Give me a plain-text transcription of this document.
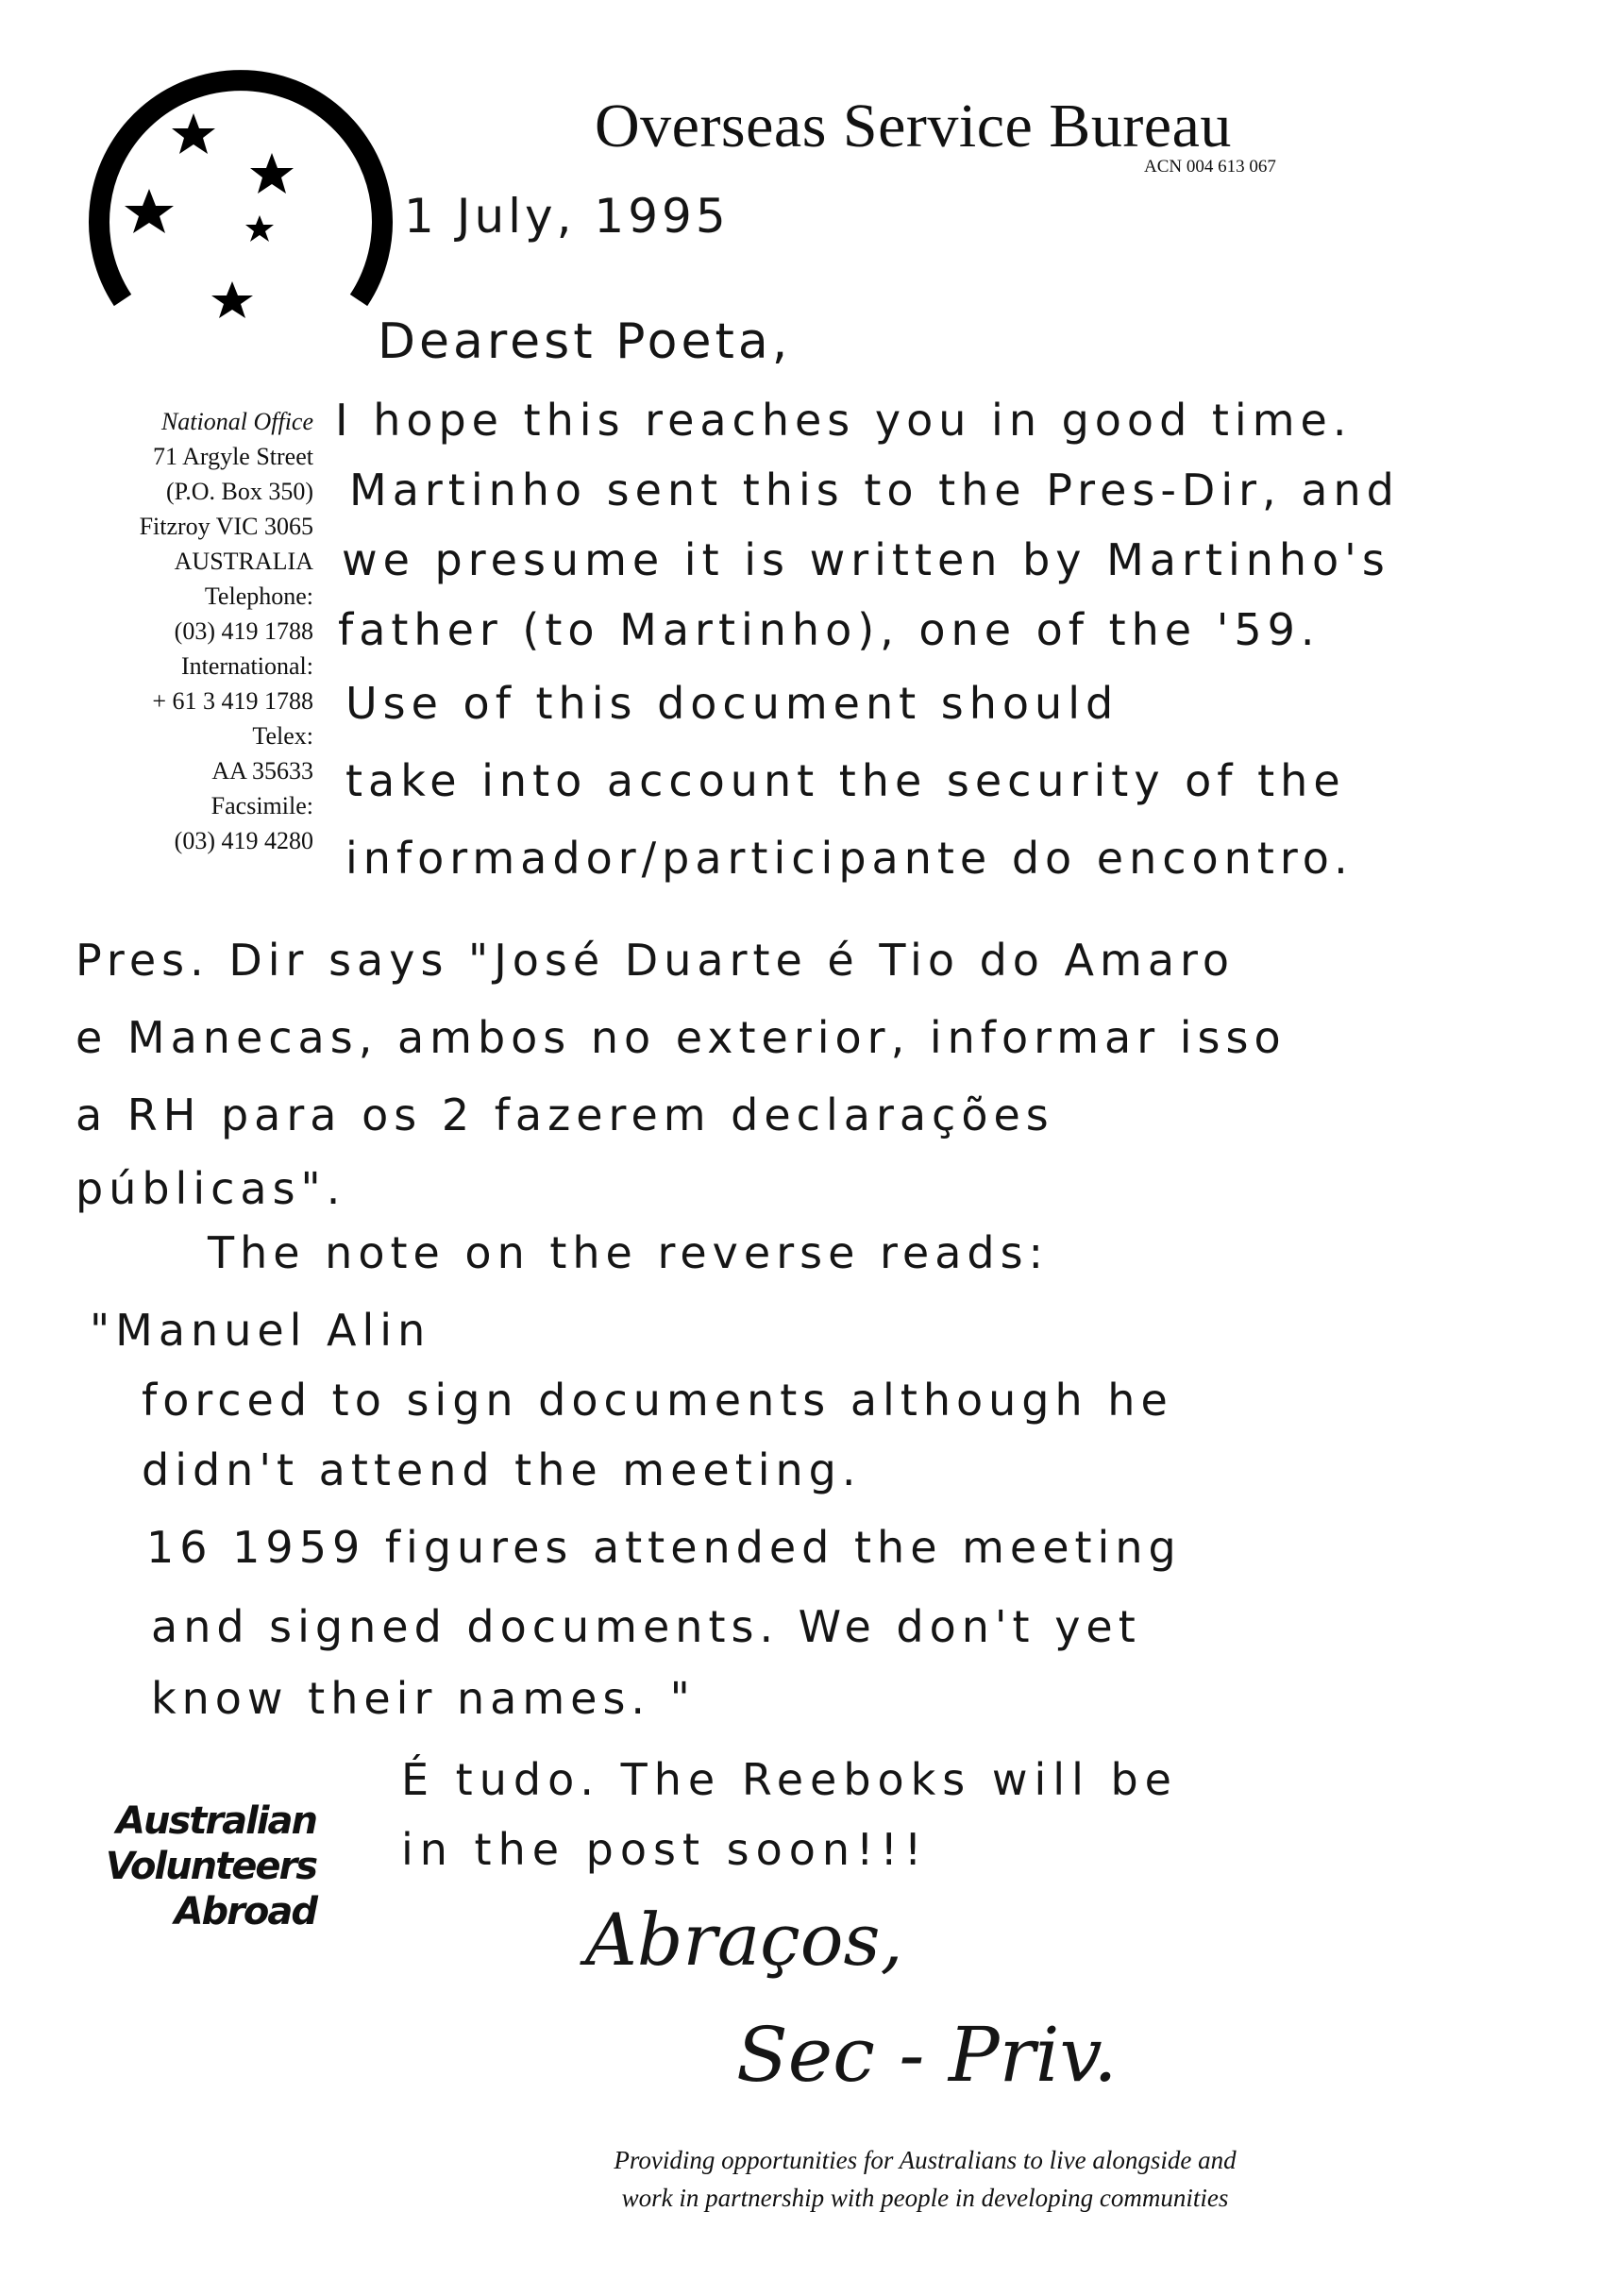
Overseas Service Bureau
ACN 004 613 067
National Office
71 Argyle Street
(P.O. Box 350)
Fitzroy VIC 3065
AUSTRALIA
Telephone:
(03) 419 1788
International:
+ 61 3 419 1788
Telex:
AA 35633
Facsimile:
(03) 419 4280
1 July, 1995
Dearest Poeta,
I hope this reaches you in good time.
Martinho sent this to the Pres-Dir, and
we presume it is written by Martinho's
father (to Martinho), one of the '59.
Use of this document should
take into account the security of the
informador/participante do encontro.
Pres. Dir says "José Duarte é Tio do Amaro
e Manecas, ambos no exterior, informar isso
a RH para os 2 fazerem declarações
públicas".
The note on the reverse reads:
"Manuel Alin
forced to sign documents although he
didn't attend the meeting.
16 1959 figures attended the meeting
and signed documents. We don't yet
know their names. "
É tudo. The Reeboks will be
in the post soon!!!
Abraços,
Sec - Priv.
Australian
Volunteers
Abroad
Providing opportunities for Australians to live alongside and
work in partnership with people in developing communities
